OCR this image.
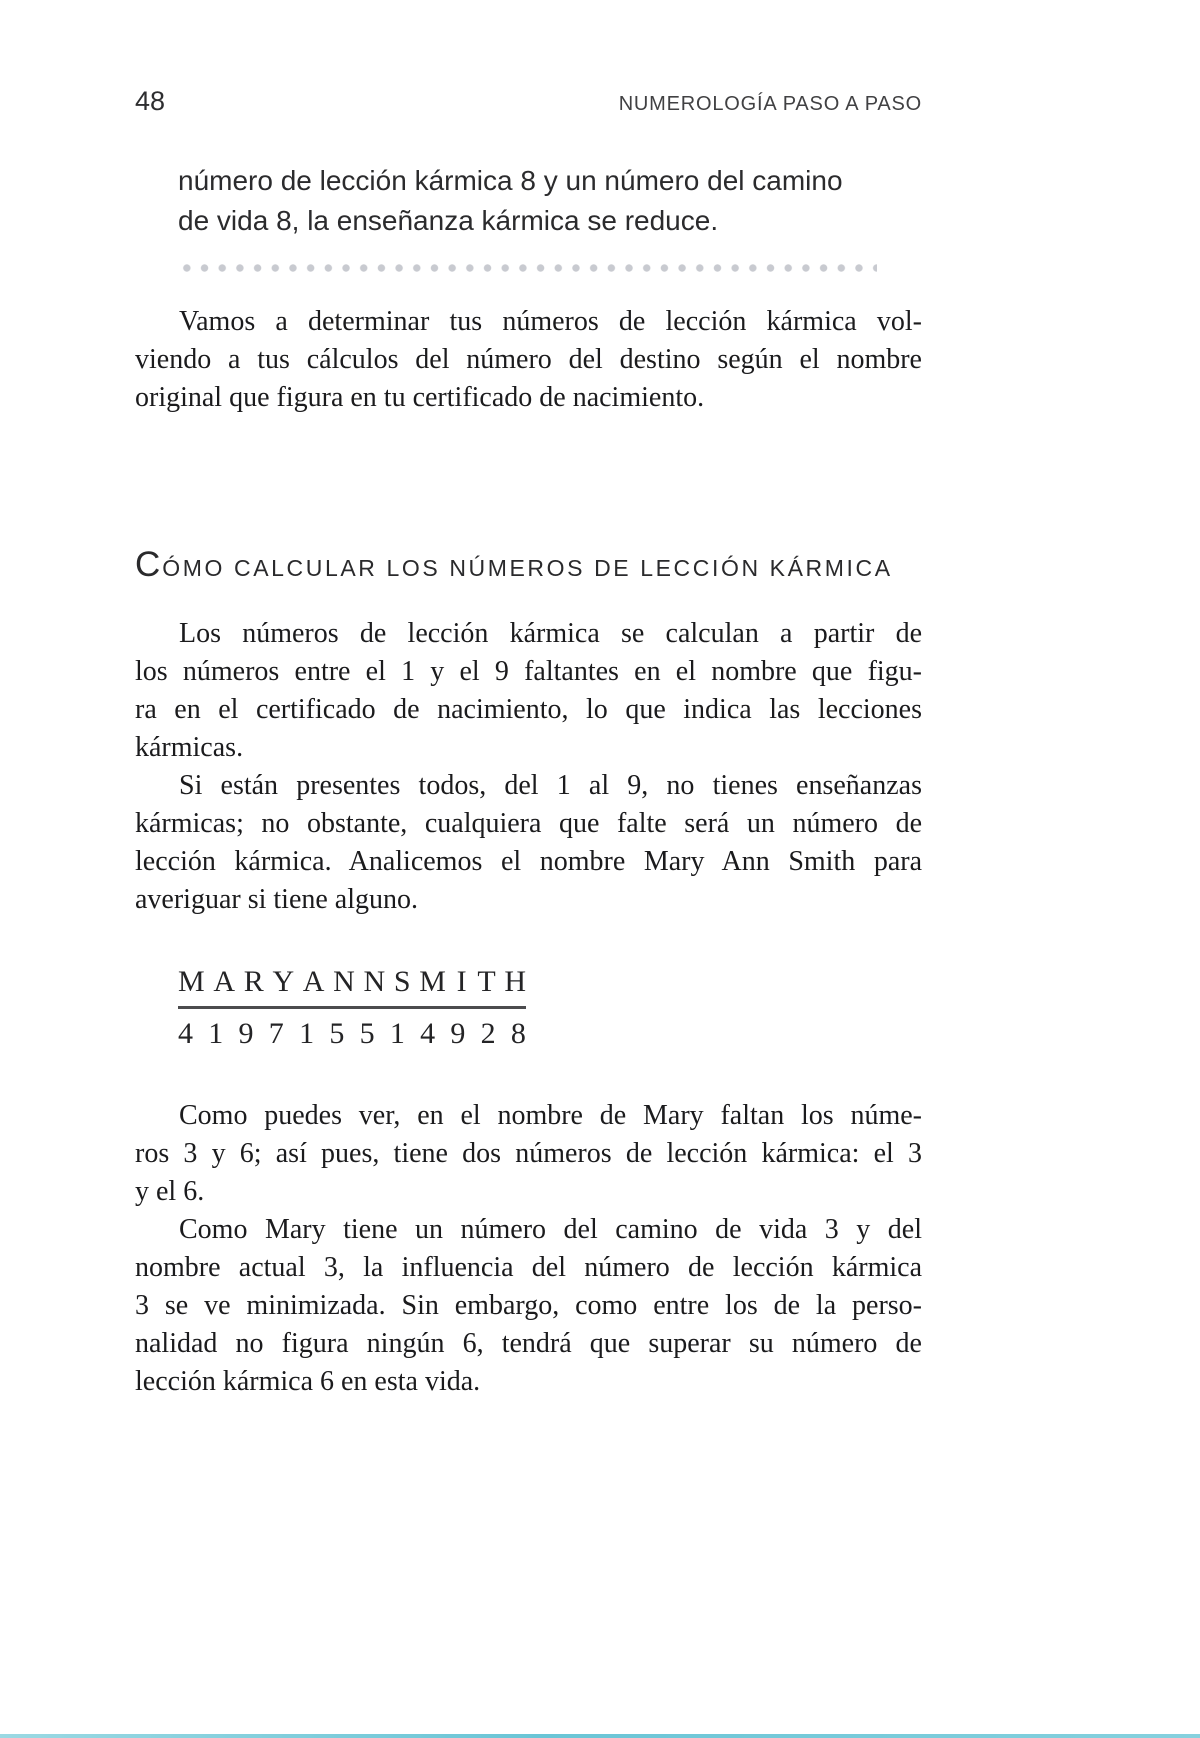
48	NUMEROLOGÍA PASO A PASO
número de lección kármica 8 y un número del camino
de vida 8, la enseñanza kármica se reduce.
Vamos a determinar tus números de lección kármica vol-
viendo a tus cálculos del número del destino según el nombre
original que figura en tu certificado de nacimiento.
CÓMO CALCULAR LOS NÚMEROS DE LECCIÓN KÁRMICA
Los números de lección kármica se calculan a partir de
los números entre el 1 y el 9 faltantes en el nombre que figu-
ra en el certificado de nacimiento, lo que indica las lecciones
kármicas.
Si están presentes todos, del 1 al 9, no tienes enseñanzas
kármicas; no obstante, cualquiera que falte será un número de
lección kármica. Analicemos el nombre Mary Ann Smith para
averiguar si tiene alguno.
M A R Y A N N S M I T H
4 1 9 7 1 5 5 1 4 9 2 8
Como puedes ver, en el nombre de Mary faltan los núme-
ros 3 y 6; así pues, tiene dos números de lección kármica: el 3
y el 6.
Como Mary tiene un número del camino de vida 3 y del
nombre actual 3, la influencia del número de lección kármica
3 se ve minimizada. Sin embargo, como entre los de la perso-
nalidad no figura ningún 6, tendrá que superar su número de
lección kármica 6 en esta vida.
